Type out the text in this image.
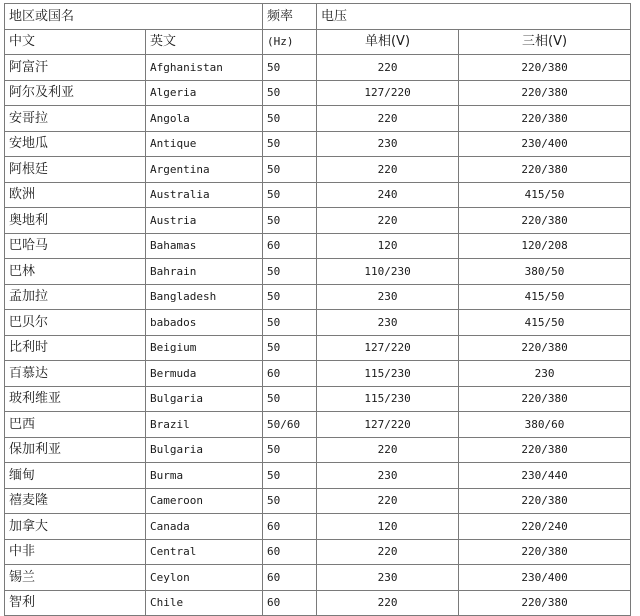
地区或国名		频率	电压	
中文	英文	(Hz)	单相(V)	三相(V)
阿富汗	Afghanistan	50	220	220/380
阿尔及利亚	Algeria	50	127/220	220/380
安哥拉	Angola	50	220	220/380
安地瓜	Antique	50	230	230/400
阿根廷	Argentina	50	220	220/380
欧洲	Australia	50	240	415/50
奥地利	Austria	50	220	220/380
巴哈马	Bahamas	60	120	120/208
巴林	Bahrain	50	110/230	380/50
孟加拉	Bangladesh	50	230	415/50
巴贝尔	babados	50	230	415/50
比利时	Beigium	50	127/220	220/380
百慕达	Bermuda	60	115/230	230
玻利维亚	Bulgaria	50	115/230	220/380
巴西	Brazil	50/60	127/220	380/60
保加利亚	Bulgaria	50	220	220/380
缅甸	Burma	50	230	230/440
禧麦隆	Cameroon	50	220	220/380
加拿大	Canada	60	120	220/240
中非	Central	60	220	220/380
锡兰	Ceylon	60	230	230/400
智利	Chile	60	220	220/380
